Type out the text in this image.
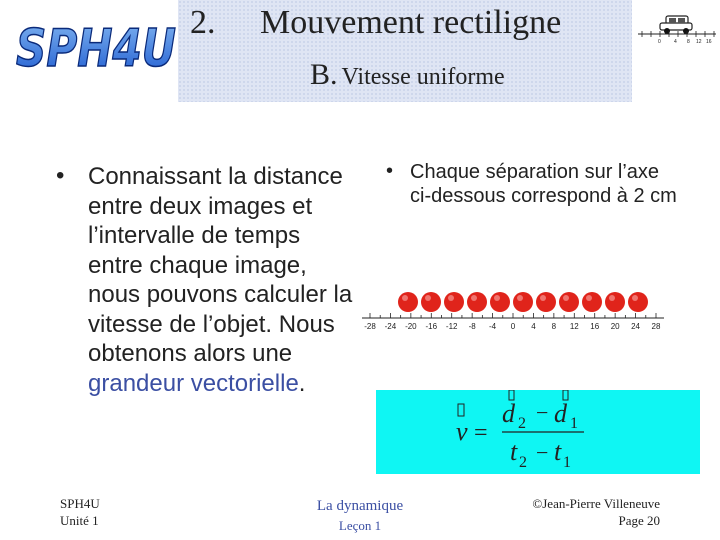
SPH4U 2. Mouvement rectiligne
B. Vitesse uniforme
0	4 8 12 16
• Connaissant la distance entre deux images et l’intervalle de temps entre chaque image, nous pouvons calculer la vitesse de l’objet. Nous obtenons alors une grandeur vectorielle.
• Chaque séparation sur l’axe ci-dessous correspond à 2 cm
-28 -24 -20 -16 -12 -8 -4 0 4 8 12 16 20 24 28
v =
d 2 − d 1
t 2 − t 1
SPH4U
Unité 1
La dynamique
Leçon 1
©Jean-Pierre Villeneuve
Page 20
